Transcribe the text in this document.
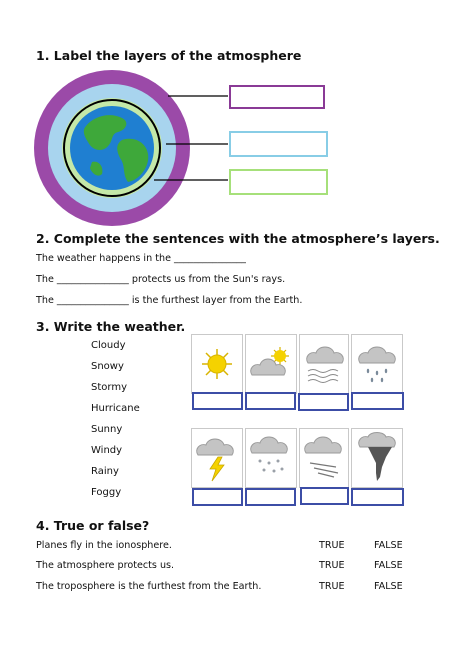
1. Label the layers of the atmosphere
2. Complete the sentences with the atmosphere’s layers.
The weather happens in the _______________
The _______________ protects us from the Sun's rays.
The _______________ is the furthest layer from the Earth.
3. Write the weather.
Cloudy
Snowy
Stormy
Hurricane
Sunny
Windy
Rainy
Foggy
4. True or false?
Planes fly in the ionosphere.	TRUE	FALSE
The atmosphere protects us.	TRUE	FALSE
The troposphere is the furthest from the Earth.	TRUE	FALSE
